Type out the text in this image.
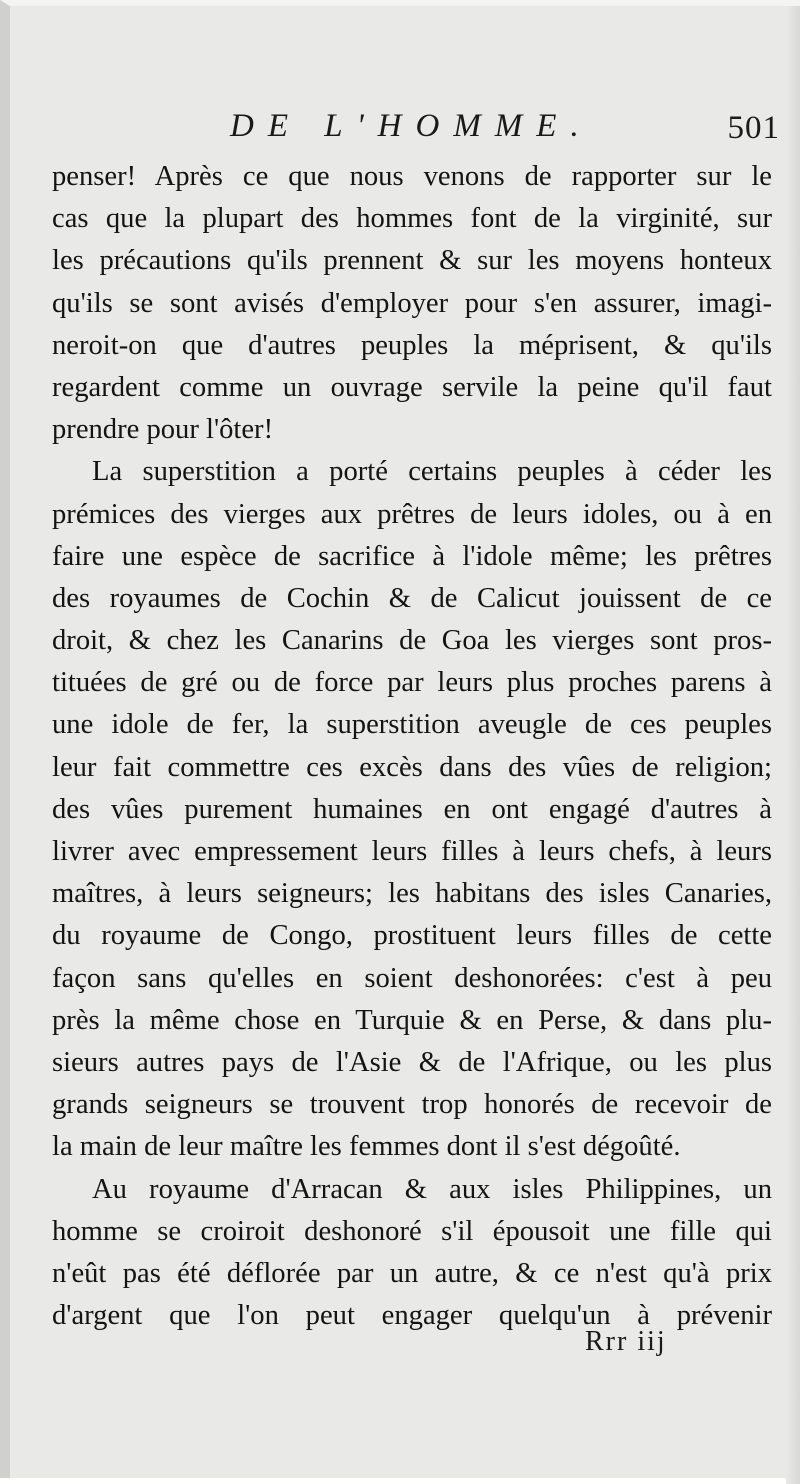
DE L'HOMME.	501
penser! Après ce que nous venons de rapporter sur le
cas que la plupart des hommes font de la virginité, sur
les précautions qu'ils prennent & sur les moyens honteux
qu'ils se sont avisés d'employer pour s'en assurer, imagi-
neroit-on que d'autres peuples la méprisent, & qu'ils
regardent comme un ouvrage servile la peine qu'il faut
prendre pour l'ôter!
La superstition a porté certains peuples à céder les
prémices des vierges aux prêtres de leurs idoles, ou à en
faire une espèce de sacrifice à l'idole même; les prêtres
des royaumes de Cochin & de Calicut jouissent de ce
droit, & chez les Canarins de Goa les vierges sont pros-
tituées de gré ou de force par leurs plus proches parens à
une idole de fer, la superstition aveugle de ces peuples
leur fait commettre ces excès dans des vûes de religion;
des vûes purement humaines en ont engagé d'autres à
livrer avec empressement leurs filles à leurs chefs, à leurs
maîtres, à leurs seigneurs; les habitans des isles Canaries,
du royaume de Congo, prostituent leurs filles de cette
façon sans qu'elles en soient deshonorées: c'est à peu
près la même chose en Turquie & en Perse, & dans plu-
sieurs autres pays de l'Asie & de l'Afrique, ou les plus
grands seigneurs se trouvent trop honorés de recevoir de
la main de leur maître les femmes dont il s'est dégoûté.
Au royaume d'Arracan & aux isles Philippines, un
homme se croiroit deshonoré s'il épousoit une fille qui
n'eût pas été déflorée par un autre, & ce n'est qu'à prix
d'argent que l'on peut engager quelqu'un à prévenir
Rrr iij
